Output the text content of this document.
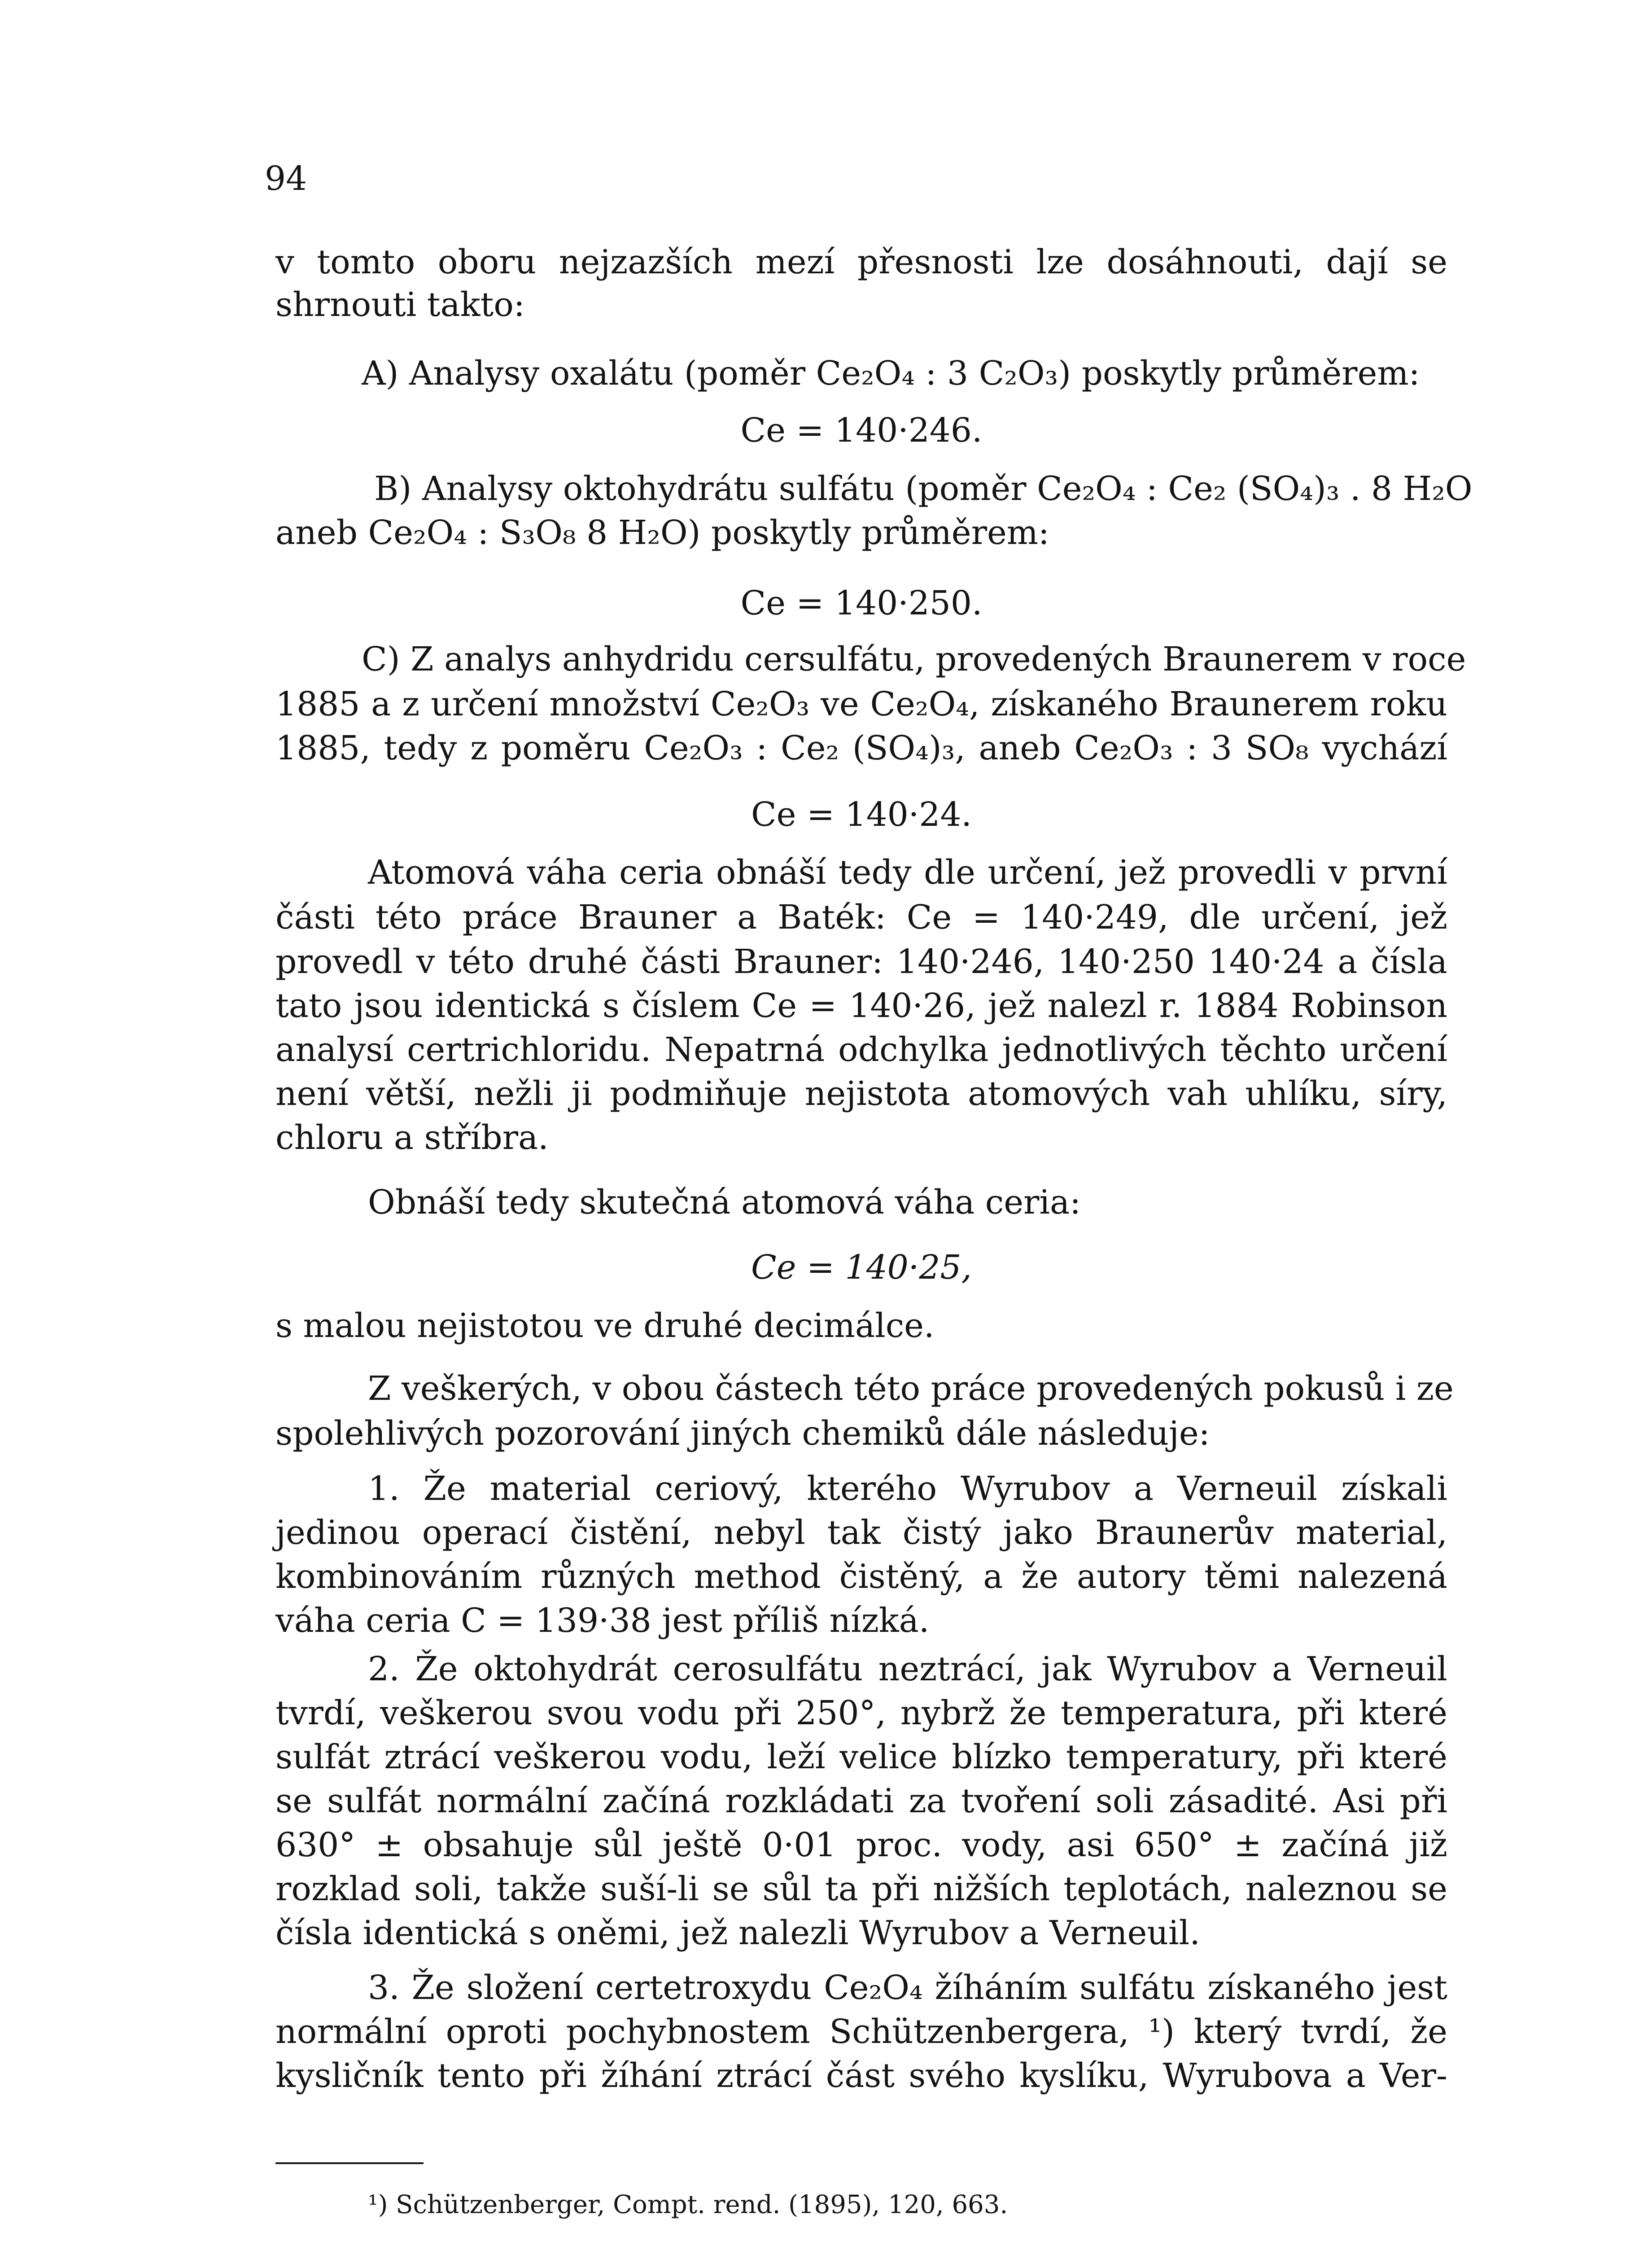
94
v tomto oboru nejzazších mezí přesnosti lze dosáhnouti, dají se
shrnouti takto:
A) Analysy oxalátu (poměr Ce₂O₄ : 3 C₂O₃) poskytly průměrem:
Ce = 140·246.
B) Analysy oktohydrátu sulfátu (poměr Ce₂O₄ : Ce₂ (SO₄)₃ . 8 H₂O
aneb Ce₂O₄ : S₃O₈ 8 H₂O) poskytly průměrem:
Ce = 140·250.
C) Z analys anhydridu cersulfátu, provedených Braunerem v roce
1885 a z určení množství Ce₂O₃ ve Ce₂O₄, získaného Braunerem roku
1885, tedy z poměru Ce₂O₃ : Ce₂ (SO₄)₃, aneb Ce₂O₃ : 3 SO₈ vychází
Ce = 140·24.
Atomová váha ceria obnáší tedy dle určení, jež provedli v první
části této práce Brauner a Baték: Ce = 140·249, dle určení, jež
provedl v této druhé části Brauner: 140·246, 140·250 140·24 a čísla
tato jsou identická s číslem Ce = 140·26, jež nalezl r. 1884 Robinson
analysí certrichloridu. Nepatrná odchylka jednotlivých těchto určení
není větší, nežli ji podmiňuje nejistota atomových vah uhlíku, síry,
chloru a stříbra.
Obnáší tedy skutečná atomová váha ceria:
Ce = 140·25,
s malou nejistotou ve druhé decimálce.
Z veškerých, v obou částech této práce provedených pokusů i ze
spolehlivých pozorování jiných chemiků dále následuje:
1. Že material ceriový, kterého Wyrubov a Verneuil získali
jedinou operací čistění, nebyl tak čistý jako Braunerův material,
kombinováním různých method čistěný, a že autory těmi nalezená
váha ceria C = 139·38 jest příliš nízká.
2. Že oktohydrát cerosulfátu neztrácí, jak Wyrubov a Verneuil
tvrdí, veškerou svou vodu při 250°, nybrž že temperatura, při které
sulfát ztrácí veškerou vodu, leží velice blízko temperatury, při které
se sulfát normální začíná rozkládati za tvoření soli zásadité. Asi při
630° ± obsahuje sůl ještě 0·01 proc. vody, asi 650° ± začíná již
rozklad soli, takže suší-li se sůl ta při nižších teplotách, naleznou se
čísla identická s oněmi, jež nalezli Wyrubov a Verneuil.
3. Že složení certetroxydu Ce₂O₄ žíháním sulfátu získaného jest
normální oproti pochybnostem Schützenbergera, ¹) který tvrdí, že
kysličník tento při žíhání ztrácí část svého kyslíku, Wyrubova a Ver-
¹) Schützenberger, Compt. rend. (1895), 120, 663.
